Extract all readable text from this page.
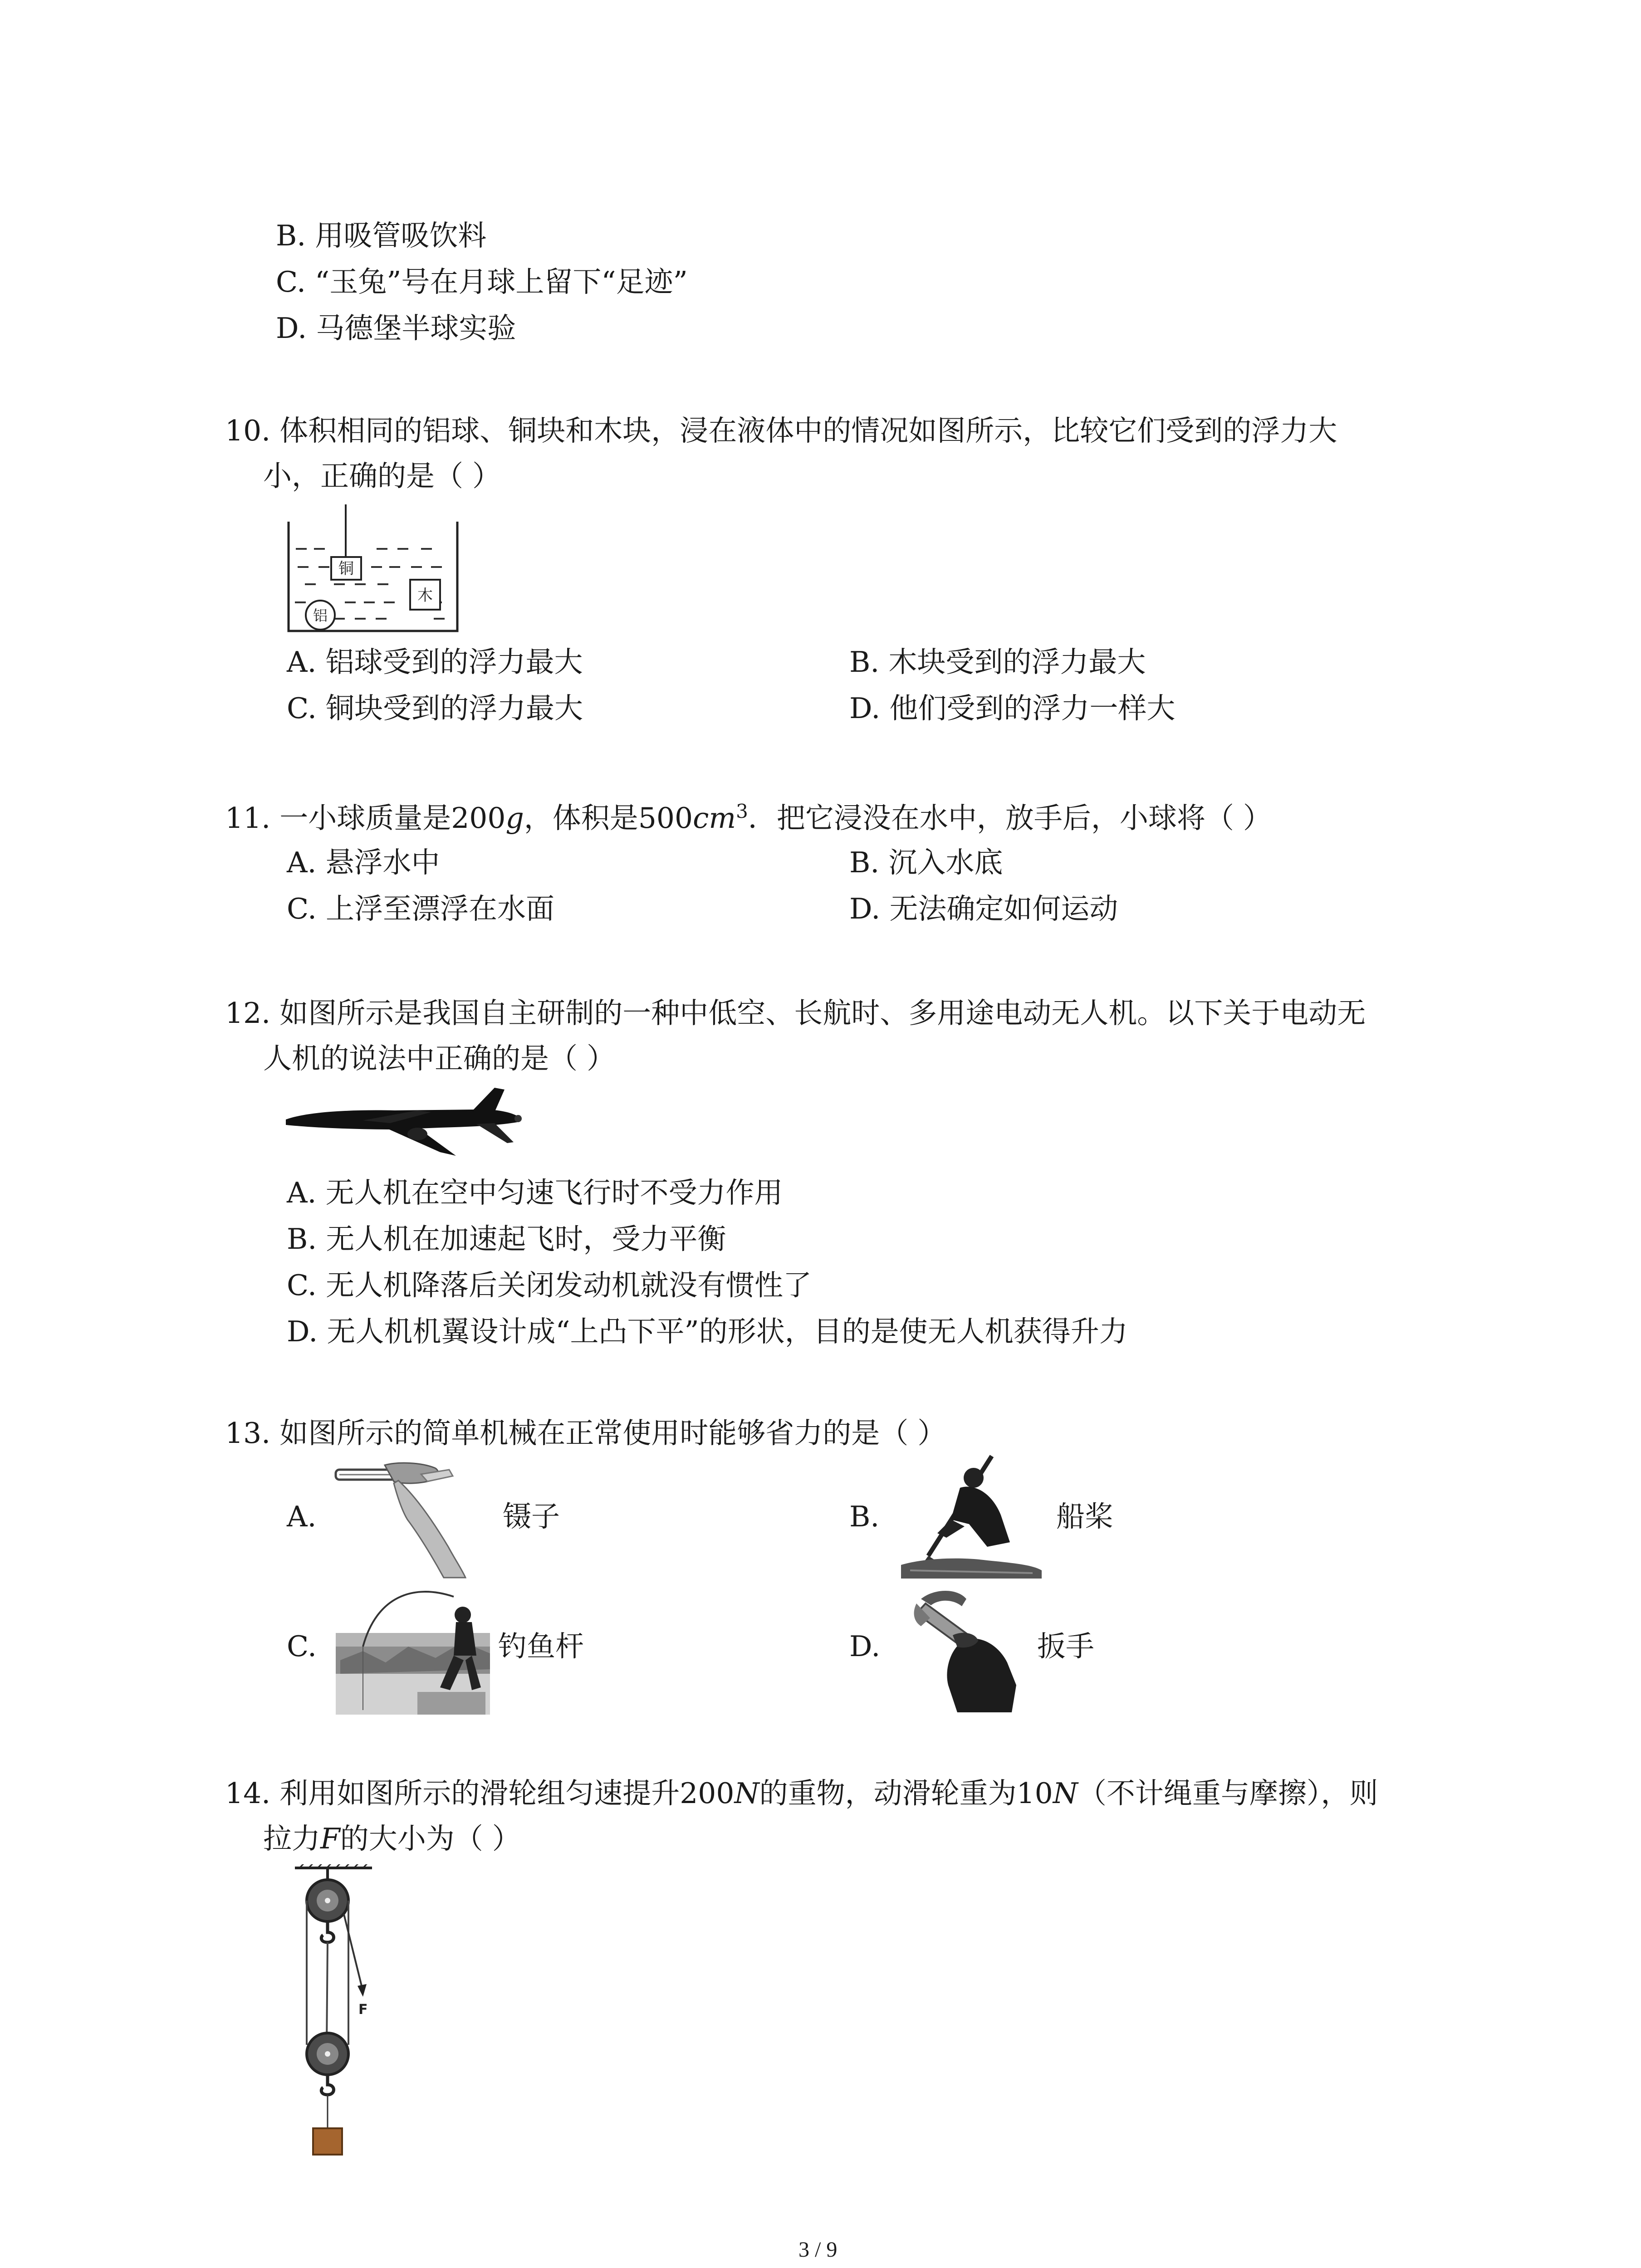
B. 用吸管吸饮料
C. “玉兔”号在月球上留下“足迹”
D. 马德堡半球实验
10. 体积相同的铝球、铜块和木块，浸在液体中的情况如图所示，比较它们受到的浮力大
小，正确的是（ ）
铜
铝
木
A. 铝球受到的浮力最大	B. 木块受到的浮力最大
C. 铜块受到的浮力最大	D. 他们受到的浮力一样大
11. 一小球质量是200g，体积是$500cm^3$．把它浸没在水中，放手后，小球将（ ）
A. 悬浮水中	B. 沉入水底
C. 上浮至漂浮在水面	D. 无法确定如何运动
12. 如图所示是我国自主研制的一种中低空、长航时、多用途电动无人机。以下关于电动无
人机的说法中正确的是（ ）
A. 无人机在空中匀速飞行时不受力作用
B. 无人机在加速起飞时，受力平衡
C. 无人机降落后关闭发动机就没有惯性了
D. 无人机机翼设计成“上凸下平”的形状，目的是使无人机获得升力
13. 如图所示的简单机械在正常使用时能够省力的是（ ）
A.	镊子	B.	船桨
C.	钓鱼杆	D.	扳手
14. 利用如图所示的滑轮组匀速提升200N的重物，动滑轮重为10N（不计绳重与摩擦），则
拉力F的大小为（ ）
F
3 / 9
